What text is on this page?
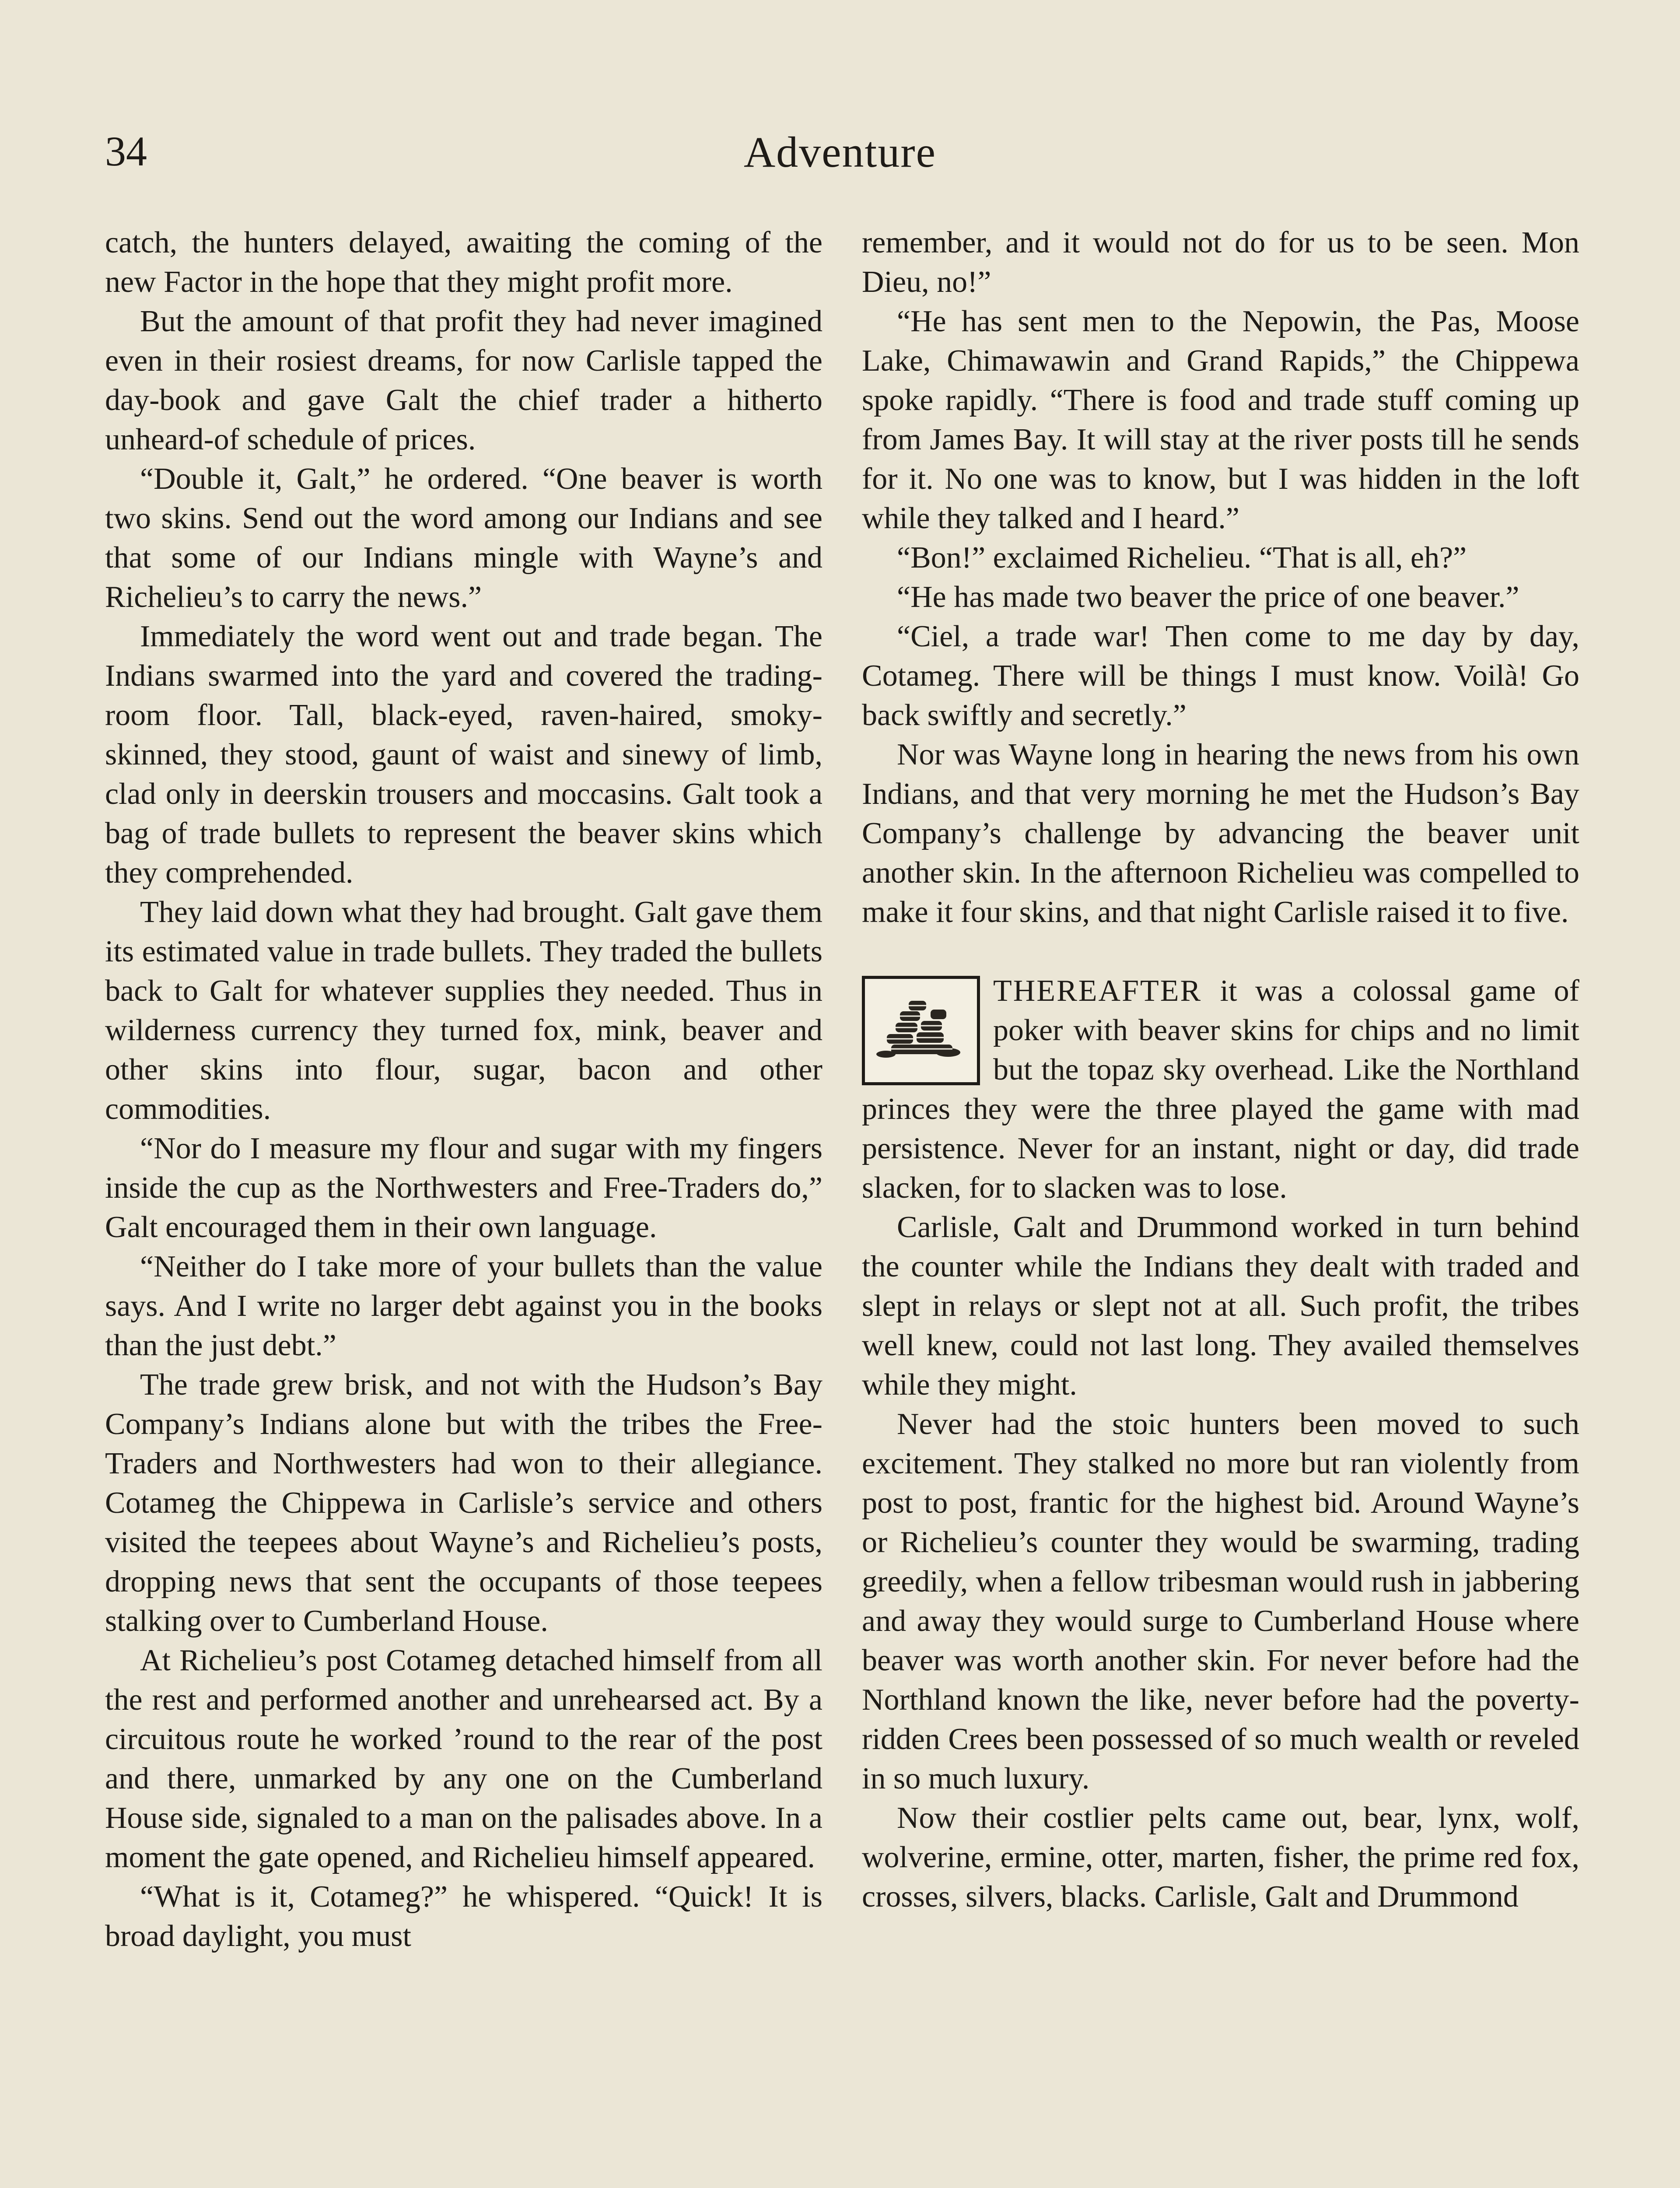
34	Adventure

catch, the hunters delayed, awaiting the coming of the new Factor in the hope that they might profit more.

But the amount of that profit they had never imagined even in their rosiest dreams, for now Carlisle tapped the day-book and gave Galt the chief trader a hitherto unheard-of schedule of prices.

“Double it, Galt,” he ordered. “One beaver is worth two skins. Send out the word among our Indians and see that some of our Indians mingle with Wayne’s and Richelieu’s to carry the news.”

Immediately the word went out and trade began. The Indians swarmed into the yard and covered the trading-room floor. Tall, black-eyed, raven-haired, smoky-skinned, they stood, gaunt of waist and sinewy of limb, clad only in deerskin trousers and moccasins. Galt took a bag of trade bullets to represent the beaver skins which they comprehended.

They laid down what they had brought. Galt gave them its estimated value in trade bullets. They traded the bullets back to Galt for whatever supplies they needed. Thus in wilderness currency they turned fox, mink, beaver and other skins into flour, sugar, bacon and other commodities.

“Nor do I measure my flour and sugar with my fingers inside the cup as the Northwesters and Free-Traders do,” Galt encouraged them in their own language.

“Neither do I take more of your bullets than the value says. And I write no larger debt against you in the books than the just debt.”

The trade grew brisk, and not with the Hudson’s Bay Company’s Indians alone but with the tribes the Free-Traders and Northwesters had won to their allegiance. Cotameg the Chippewa in Carlisle’s service and others visited the teepees about Wayne’s and Richelieu’s posts, dropping news that sent the occupants of those teepees stalking over to Cumberland House.

At Richelieu’s post Cotameg detached himself from all the rest and performed another and unrehearsed act. By a circuitous route he worked ’round to the rear of the post and there, unmarked by any one on the Cumberland House side, signaled to a man on the palisades above. In a moment the gate opened, and Richelieu himself appeared.

“What is it, Cotameg?” he whispered. “Quick! It is broad daylight, you must

remember, and it would not do for us to be seen. Mon Dieu, no!”

“He has sent men to the Nepowin, the Pas, Moose Lake, Chimawawin and Grand Rapids,” the Chippewa spoke rapidly. “There is food and trade stuff coming up from James Bay. It will stay at the river posts till he sends for it. No one was to know, but I was hidden in the loft while they talked and I heard.”

“Bon!” exclaimed Richelieu. “That is all, eh?”

“He has made two beaver the price of one beaver.”

“Ciel, a trade war! Then come to me day by day, Cotameg. There will be things I must know. Voilà! Go back swiftly and secretly.”

Nor was Wayne long in hearing the news from his own Indians, and that very morning he met the Hudson’s Bay Company’s challenge by advancing the beaver unit another skin. In the afternoon Richelieu was compelled to make it four skins, and that night Carlisle raised it to five.

THEREAFTER it was a colossal game of poker with beaver skins for chips and no limit but the topaz sky overhead. Like the Northland princes they were the three played the game with mad persistence. Never for an instant, night or day, did trade slacken, for to slacken was to lose.

Carlisle, Galt and Drummond worked in turn behind the counter while the Indians they dealt with traded and slept in relays or slept not at all. Such profit, the tribes well knew, could not last long. They availed themselves while they might.

Never had the stoic hunters been moved to such excitement. They stalked no more but ran violently from post to post, frantic for the highest bid. Around Wayne’s or Richelieu’s counter they would be swarming, trading greedily, when a fellow tribesman would rush in jabbering and away they would surge to Cumberland House where beaver was worth another skin. For never before had the Northland known the like, never before had the poverty-ridden Crees been possessed of so much wealth or reveled in so much luxury.

Now their costlier pelts came out, bear, lynx, wolf, wolverine, ermine, otter, marten, fisher, the prime red fox, crosses, silvers, blacks. Carlisle, Galt and Drummond
